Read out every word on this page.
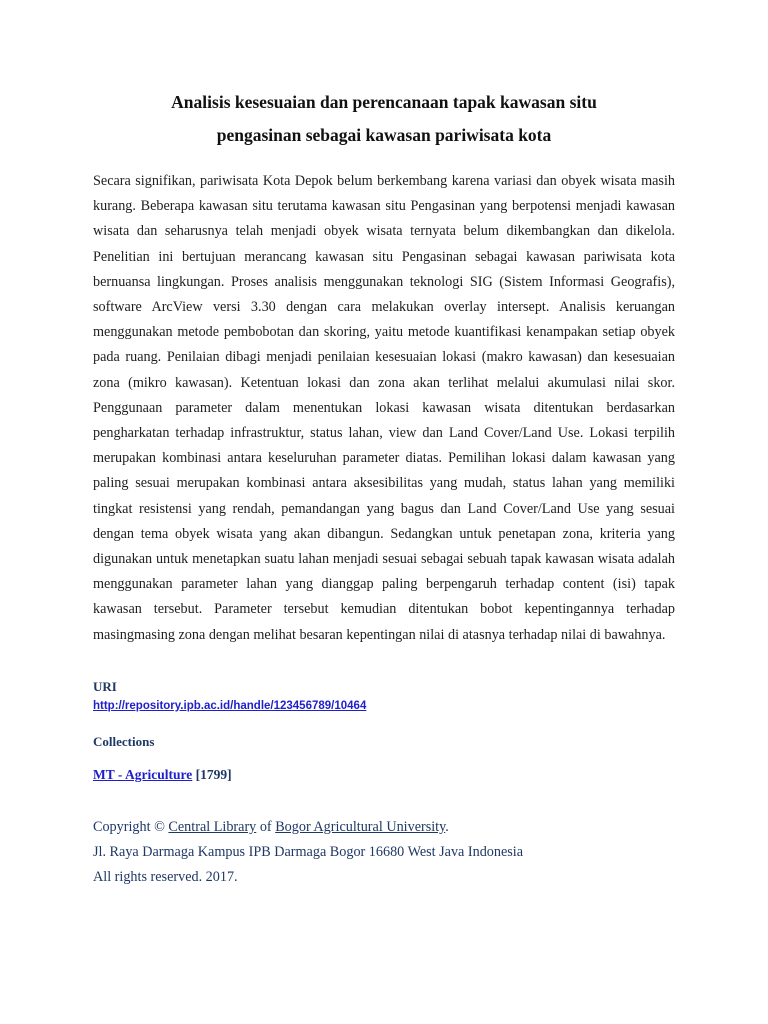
Analisis kesesuaian dan perencanaan tapak kawasan situ
pengasinan sebagai kawasan pariwisata kota

Secara signifikan, pariwisata Kota Depok belum berkembang karena variasi dan obyek wisata masih kurang. Beberapa kawasan situ terutama kawasan situ Pengasinan yang berpotensi menjadi kawasan wisata dan seharusnya telah menjadi obyek wisata ternyata belum dikembangkan dan dikelola. Penelitian ini bertujuan merancang kawasan situ Pengasinan sebagai kawasan pariwisata kota bernuansa lingkungan. Proses analisis menggunakan teknologi SIG (Sistem Informasi Geografis), software ArcView versi 3.30 dengan cara melakukan overlay intersept. Analisis keruangan menggunakan metode pembobotan dan skoring, yaitu metode kuantifikasi kenampakan setiap obyek pada ruang. Penilaian dibagi menjadi penilaian kesesuaian lokasi (makro kawasan) dan kesesuaian zona (mikro kawasan). Ketentuan lokasi dan zona akan terlihat melalui akumulasi nilai skor. Penggunaan parameter dalam menentukan lokasi kawasan wisata ditentukan berdasarkan pengharkatan terhadap infrastruktur, status lahan, view dan Land Cover/Land Use. Lokasi terpilih merupakan kombinasi antara keseluruhan parameter diatas. Pemilihan lokasi dalam kawasan yang paling sesuai merupakan kombinasi antara aksesibilitas yang mudah, status lahan yang memiliki tingkat resistensi yang rendah, pemandangan yang bagus dan Land Cover/Land Use yang sesuai dengan tema obyek wisata yang akan dibangun. Sedangkan untuk penetapan zona, kriteria yang digunakan untuk menetapkan suatu lahan menjadi sesuai sebagai sebuah tapak kawasan wisata adalah menggunakan parameter lahan yang dianggap paling berpengaruh terhadap content (isi) tapak kawasan tersebut. Parameter tersebut kemudian ditentukan bobot kepentingannya terhadap masingmasing zona dengan melihat besaran kepentingan nilai di atasnya terhadap nilai di bawahnya.

URI

http://repository.ipb.ac.id/handle/123456789/10464

Collections

MT - Agriculture [1799]
Copyright © Central Library of Bogor Agricultural University.
Jl. Raya Darmaga Kampus IPB Darmaga Bogor 16680 West Java Indonesia
All rights reserved. 2017.
